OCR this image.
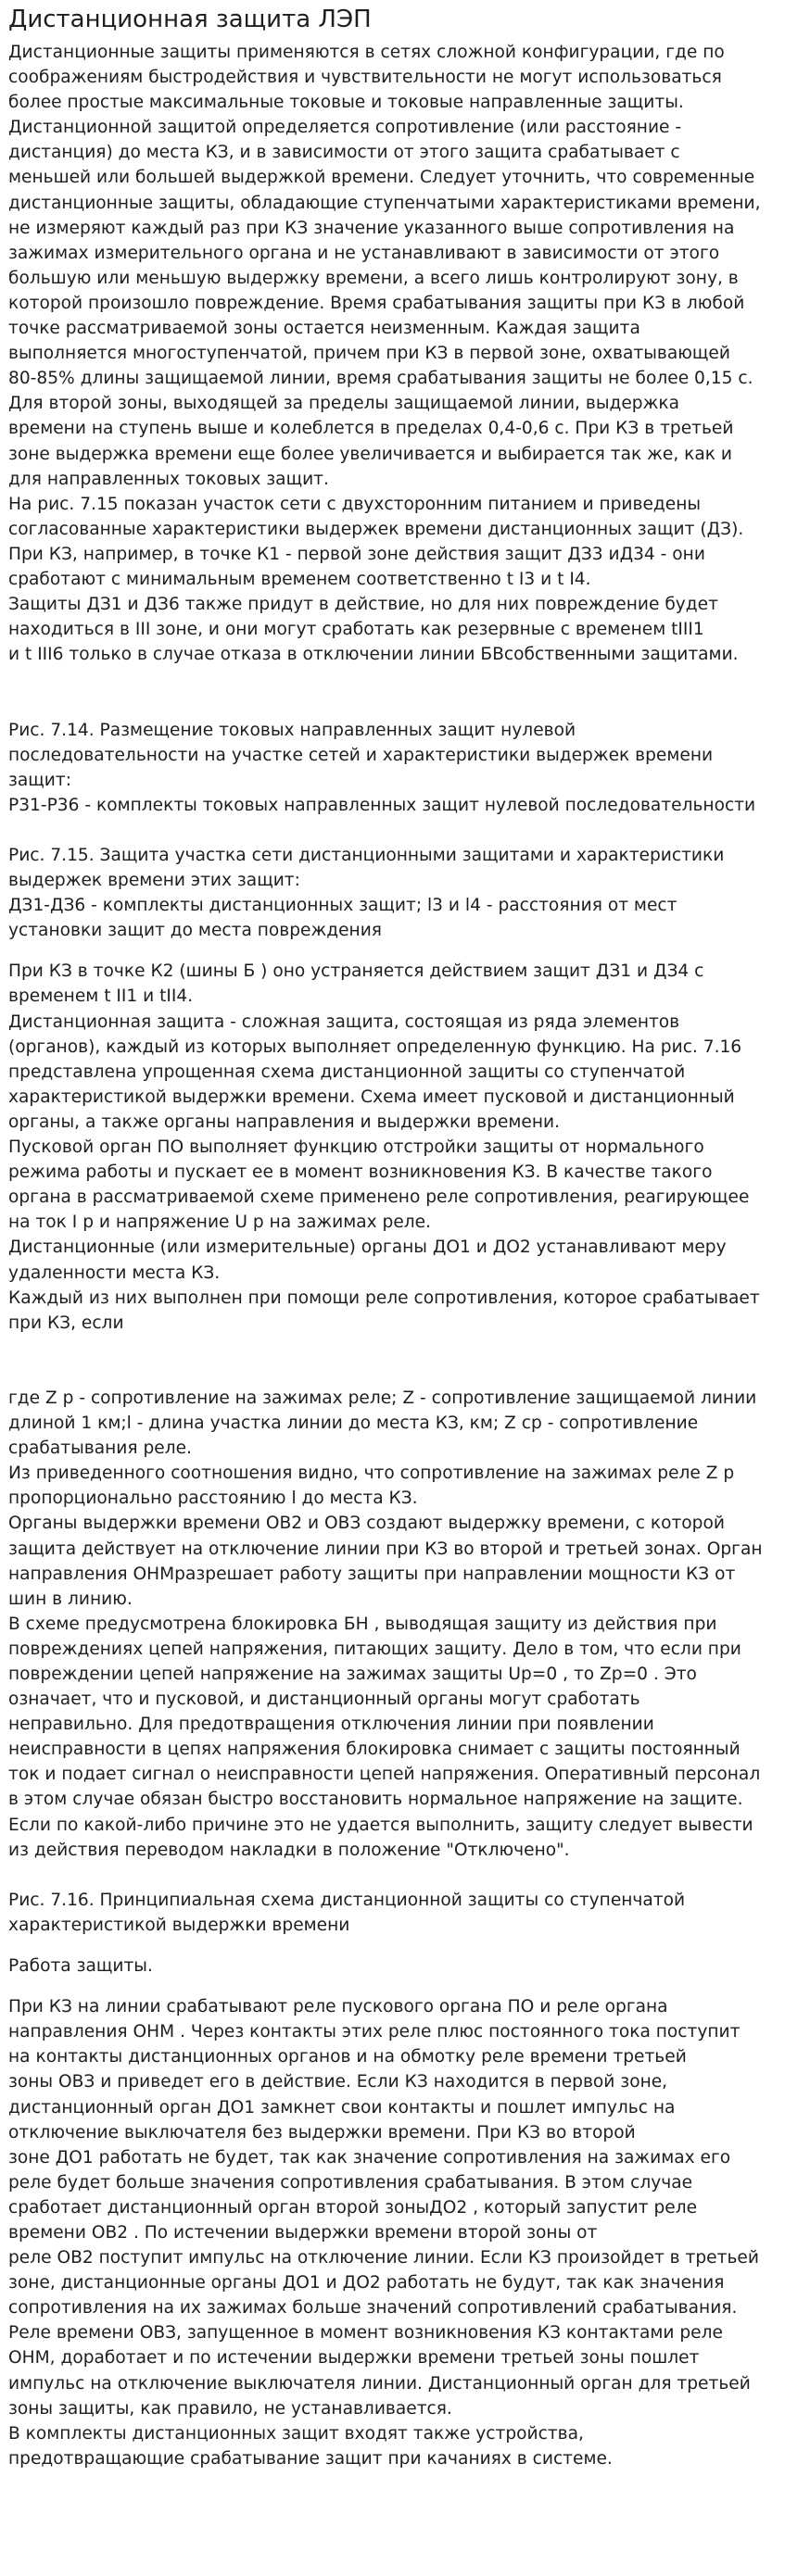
Дистанционная защита ЛЭП
Дистанционные защиты применяются в сетях сложной конфигурации, где по
соображениям быстродействия и чувствительности не могут использоваться
более простые максимальные токовые и токовые направленные защиты.
Дистанционной защитой определяется сопротивление (или расстояние -
дистанция) до места КЗ, и в зависимости от этого защита срабатывает с
меньшей или большей выдержкой времени. Следует уточнить, что современные
дистанционные защиты, обладающие ступенчатыми характеристиками времени,
не измеряют каждый раз при КЗ значение указанного выше сопротивления на
зажимах измерительного органа и не устанавливают в зависимости от этого
большую или меньшую выдержку времени, а всего лишь контролируют зону, в
которой произошло повреждение. Время срабатывания защиты при КЗ в любой
точке рассматриваемой зоны остается неизменным. Каждая защита
выполняется многоступенчатой, причем при КЗ в первой зоне, охватывающей
80-85% длины защищаемой линии, время срабатывания защиты не более 0,15 с.
Для второй зоны, выходящей за пределы защищаемой линии, выдержка
времени на ступень выше и колеблется в пределах 0,4-0,6 с. При КЗ в третьей
зоне выдержка времени еще более увеличивается и выбирается так же, как и
для направленных токовых защит.
На рис. 7.15 показан участок сети с двухсторонним питанием и приведены
согласованные характеристики выдержек времени дистанционных защит (ДЗ).
При КЗ, например, в точке К1 - первой зоне действия защит ДЗ3 иД34 - они
сработают с минимальным временем соответственно t I3 и t I4.
Защиты ДЗ1 и ДЗ6 также придут в действие, но для них повреждение будет
находиться в III зоне, и они могут сработать как резервные с временем tIII1
и t III6 только в случае отказа в отключении линии БВсобственными защитами.
Рис. 7.14. Размещение токовых направленных защит нулевой
последовательности на участке сетей и характеристики выдержек времени
защит:
Р31-Р36 - комплекты токовых направленных защит нулевой последовательности
Рис. 7.15. Защита участка сети дистанционными защитами и характеристики
выдержек времени этих защит:
ДЗ1-ДЗ6 - комплекты дистанционных защит; l3 и l4 - расстояния от мест
установки защит до места повреждения
При КЗ в точке К2 (шины Б ) оно устраняется действием защит ДЗ1 и ДЗ4 с
временем t II1 и tII4.
Дистанционная защита - сложная защита, состоящая из ряда элементов
(органов), каждый из которых выполняет определенную функцию. На рис. 7.16
представлена упрощенная схема дистанционной защиты со ступенчатой
характеристикой выдержки времени. Схема имеет пусковой и дистанционный
органы, а также органы направления и выдержки времени.
Пусковой орган ПО выполняет функцию отстройки защиты от нормального
режима работы и пускает ее в момент возникновения КЗ. В качестве такого
органа в рассматриваемой схеме применено реле сопротивления, реагирующее
на ток I р и напряжение U р на зажимах реле.
Дистанционные (или измерительные) органы ДО1 и ДО2 устанавливают меру
удаленности места КЗ.
Каждый из них выполнен при помощи реле сопротивления, которое срабатывает
при КЗ, если
где Z р - сопротивление на зажимах реле; Z - сопротивление защищаемой линии
длиной 1 км;l - длина участка линии до места КЗ, км; Z ср - сопротивление
срабатывания реле.
Из приведенного соотношения видно, что сопротивление на зажимах реле Z р
пропорционально расстоянию l до места КЗ.
Органы выдержки времени ОВ2 и ОВЗ создают выдержку времени, с которой
защита действует на отключение линии при КЗ во второй и третьей зонах. Орган
направления ОНМразрешает работу защиты при направлении мощности КЗ от
шин в линию.
В схеме предусмотрена блокировка БН , выводящая защиту из действия при
повреждениях цепей напряжения, питающих защиту. Дело в том, что если при
повреждении цепей напряжение на зажимах защиты Uр=0 , то Zр=0 . Это
означает, что и пусковой, и дистанционный органы могут сработать
неправильно. Для предотвращения отключения линии при появлении
неисправности в цепях напряжения блокировка снимает с защиты постоянный
ток и подает сигнал о неисправности цепей напряжения. Оперативный персонал
в этом случае обязан быстро восстановить нормальное напряжение на защите.
Если по какой-либо причине это не удается выполнить, защиту следует вывести
из действия переводом накладки в положение "Отключено".
Рис. 7.16. Принципиальная схема дистанционной защиты со ступенчатой
характеристикой выдержки времени
Работа защиты.
При КЗ на линии срабатывают реле пускового органа ПО и реле органа
направления ОНМ . Через контакты этих реле плюс постоянного тока поступит
на контакты дистанционных органов и на обмотку реле времени третьей
зоны ОВЗ и приведет его в действие. Если КЗ находится в первой зоне,
дистанционный орган ДО1 замкнет свои контакты и пошлет импульс на
отключение выключателя без выдержки времени. При КЗ во второй
зоне ДО1 работать не будет, так как значение сопротивления на зажимах его
реле будет больше значения сопротивления срабатывания. В этом случае
сработает дистанционный орган второй зоныДО2 , который запустит реле
времени ОВ2 . По истечении выдержки времени второй зоны от
реле ОВ2 поступит импульс на отключение линии. Если КЗ произойдет в третьей
зоне, дистанционные органы ДО1 и ДО2 работать не будут, так как значения
сопротивления на их зажимах больше значений сопротивлений срабатывания.
Реле времени ОВЗ, запущенное в момент возникновения КЗ контактами реле
ОНМ, доработает и по истечении выдержки времени третьей зоны пошлет
импульс на отключение выключателя линии. Дистанционный орган для третьей
зоны защиты, как правило, не устанавливается.
В комплекты дистанционных защит входят также устройства,
предотвращающие срабатывание защит при качаниях в системе.
